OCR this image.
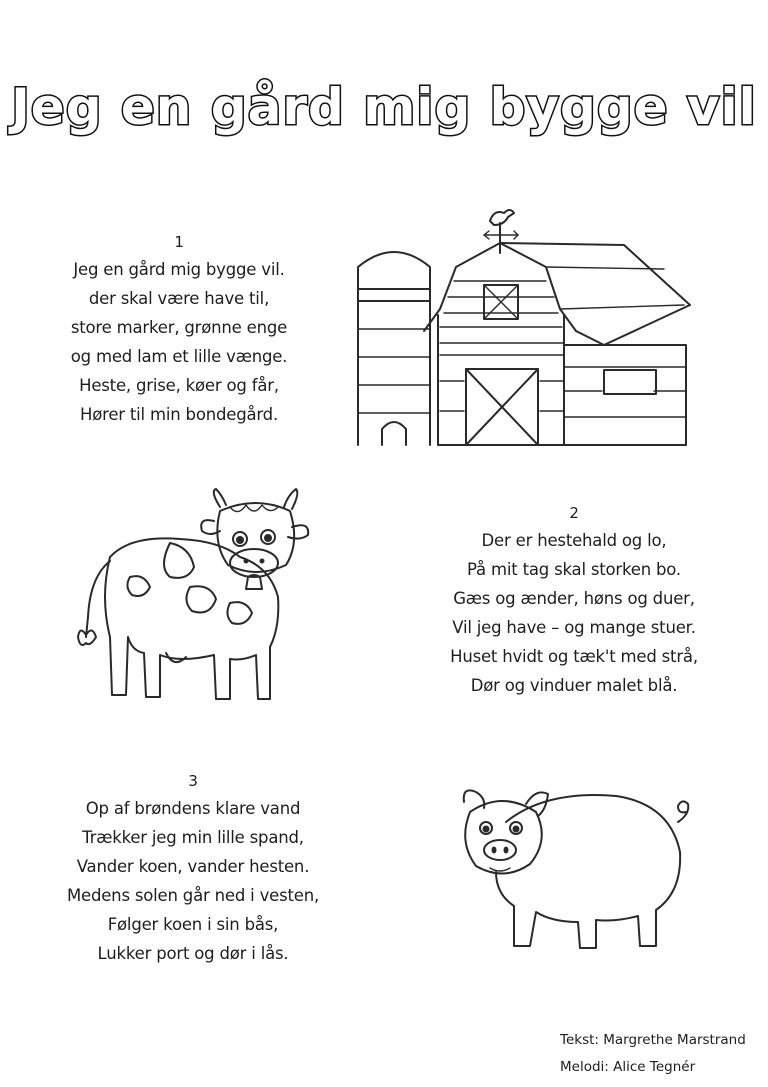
Jeg en gård mig bygge vil
1
Jeg en gård mig bygge vil.
der skal være have til,
store marker, grønne enge
og med lam et lille vænge.
Heste, grise, køer og får,
Hører til min bondegård.
2
Der er hestehald og lo,
På mit tag skal storken bo.
Gæs og ænder, høns og duer,
Vil jeg have – og mange stuer.
Huset hvidt og tæk't med strå,
Dør og vinduer malet blå.
3
Op af brøndens klare vand
Trækker jeg min lille spand,
Vander koen, vander hesten.
Medens solen går ned i vesten,
Følger koen i sin bås,
Lukker port og dør i lås.
Tekst: Margrethe Marstrand
Melodi: Alice Tegnér
